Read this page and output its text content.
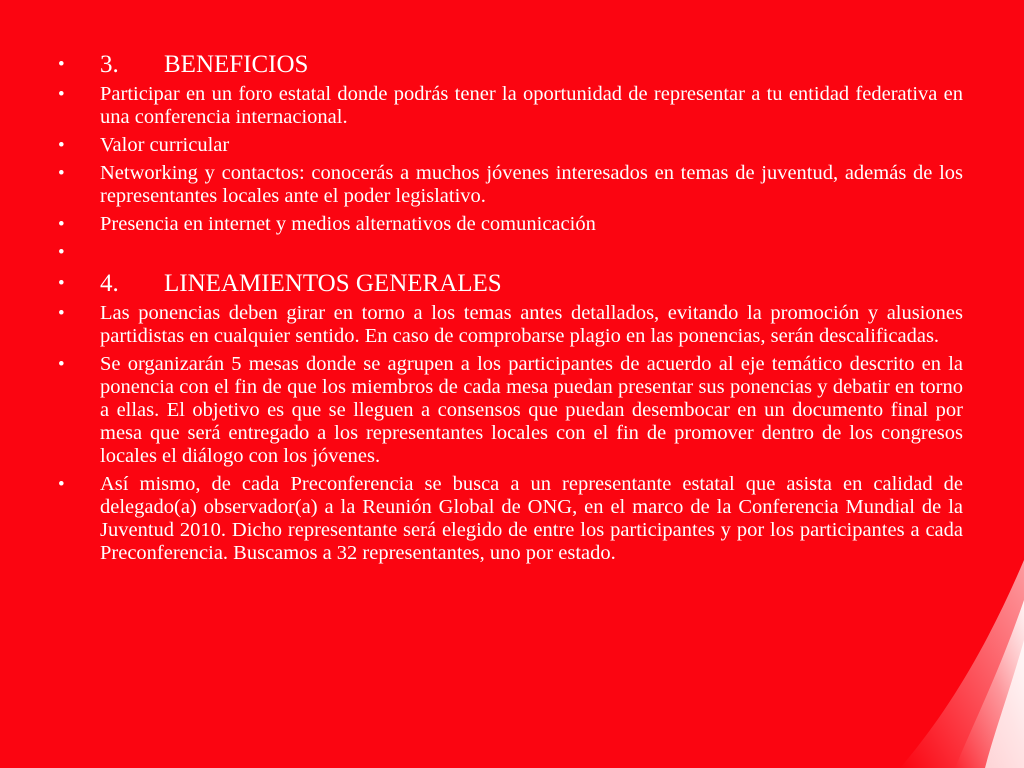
•	3. BENEFICIOS
•	Participar en un foro estatal donde podrás tener la oportunidad de representar a tu entidad federativa en una conferencia internacional.
•	Valor curricular
•	Networking y contactos: conocerás a muchos jóvenes interesados en temas de juventud, además de los representantes locales ante el poder legislativo.
•	Presencia en internet y medios alternativos de comunicación
•
•	4. LINEAMIENTOS GENERALES
•	Las ponencias deben girar en torno a los temas antes detallados, evitando la promoción y alusiones partidistas en cualquier sentido. En caso de comprobarse plagio en las ponencias, serán descalificadas.
•	Se organizarán 5 mesas donde se agrupen a los participantes de acuerdo al eje temático descrito en la ponencia con el fin de que los miembros de cada mesa puedan presentar sus ponencias y debatir en torno a ellas. El objetivo es que se lleguen a consensos que puedan desembocar en un documento final por mesa que será entregado a los representantes locales con el fin de promover dentro de los congresos locales el diálogo con los jóvenes.
•	Así mismo, de cada Preconferencia se busca a un representante estatal que asista en calidad de delegado(a) observador(a) a la Reunión Global de ONG, en el marco de la Conferencia Mundial de la Juventud 2010. Dicho representante será elegido de entre los participantes y por los participantes a cada Preconferencia. Buscamos a 32 representantes, uno por estado.
